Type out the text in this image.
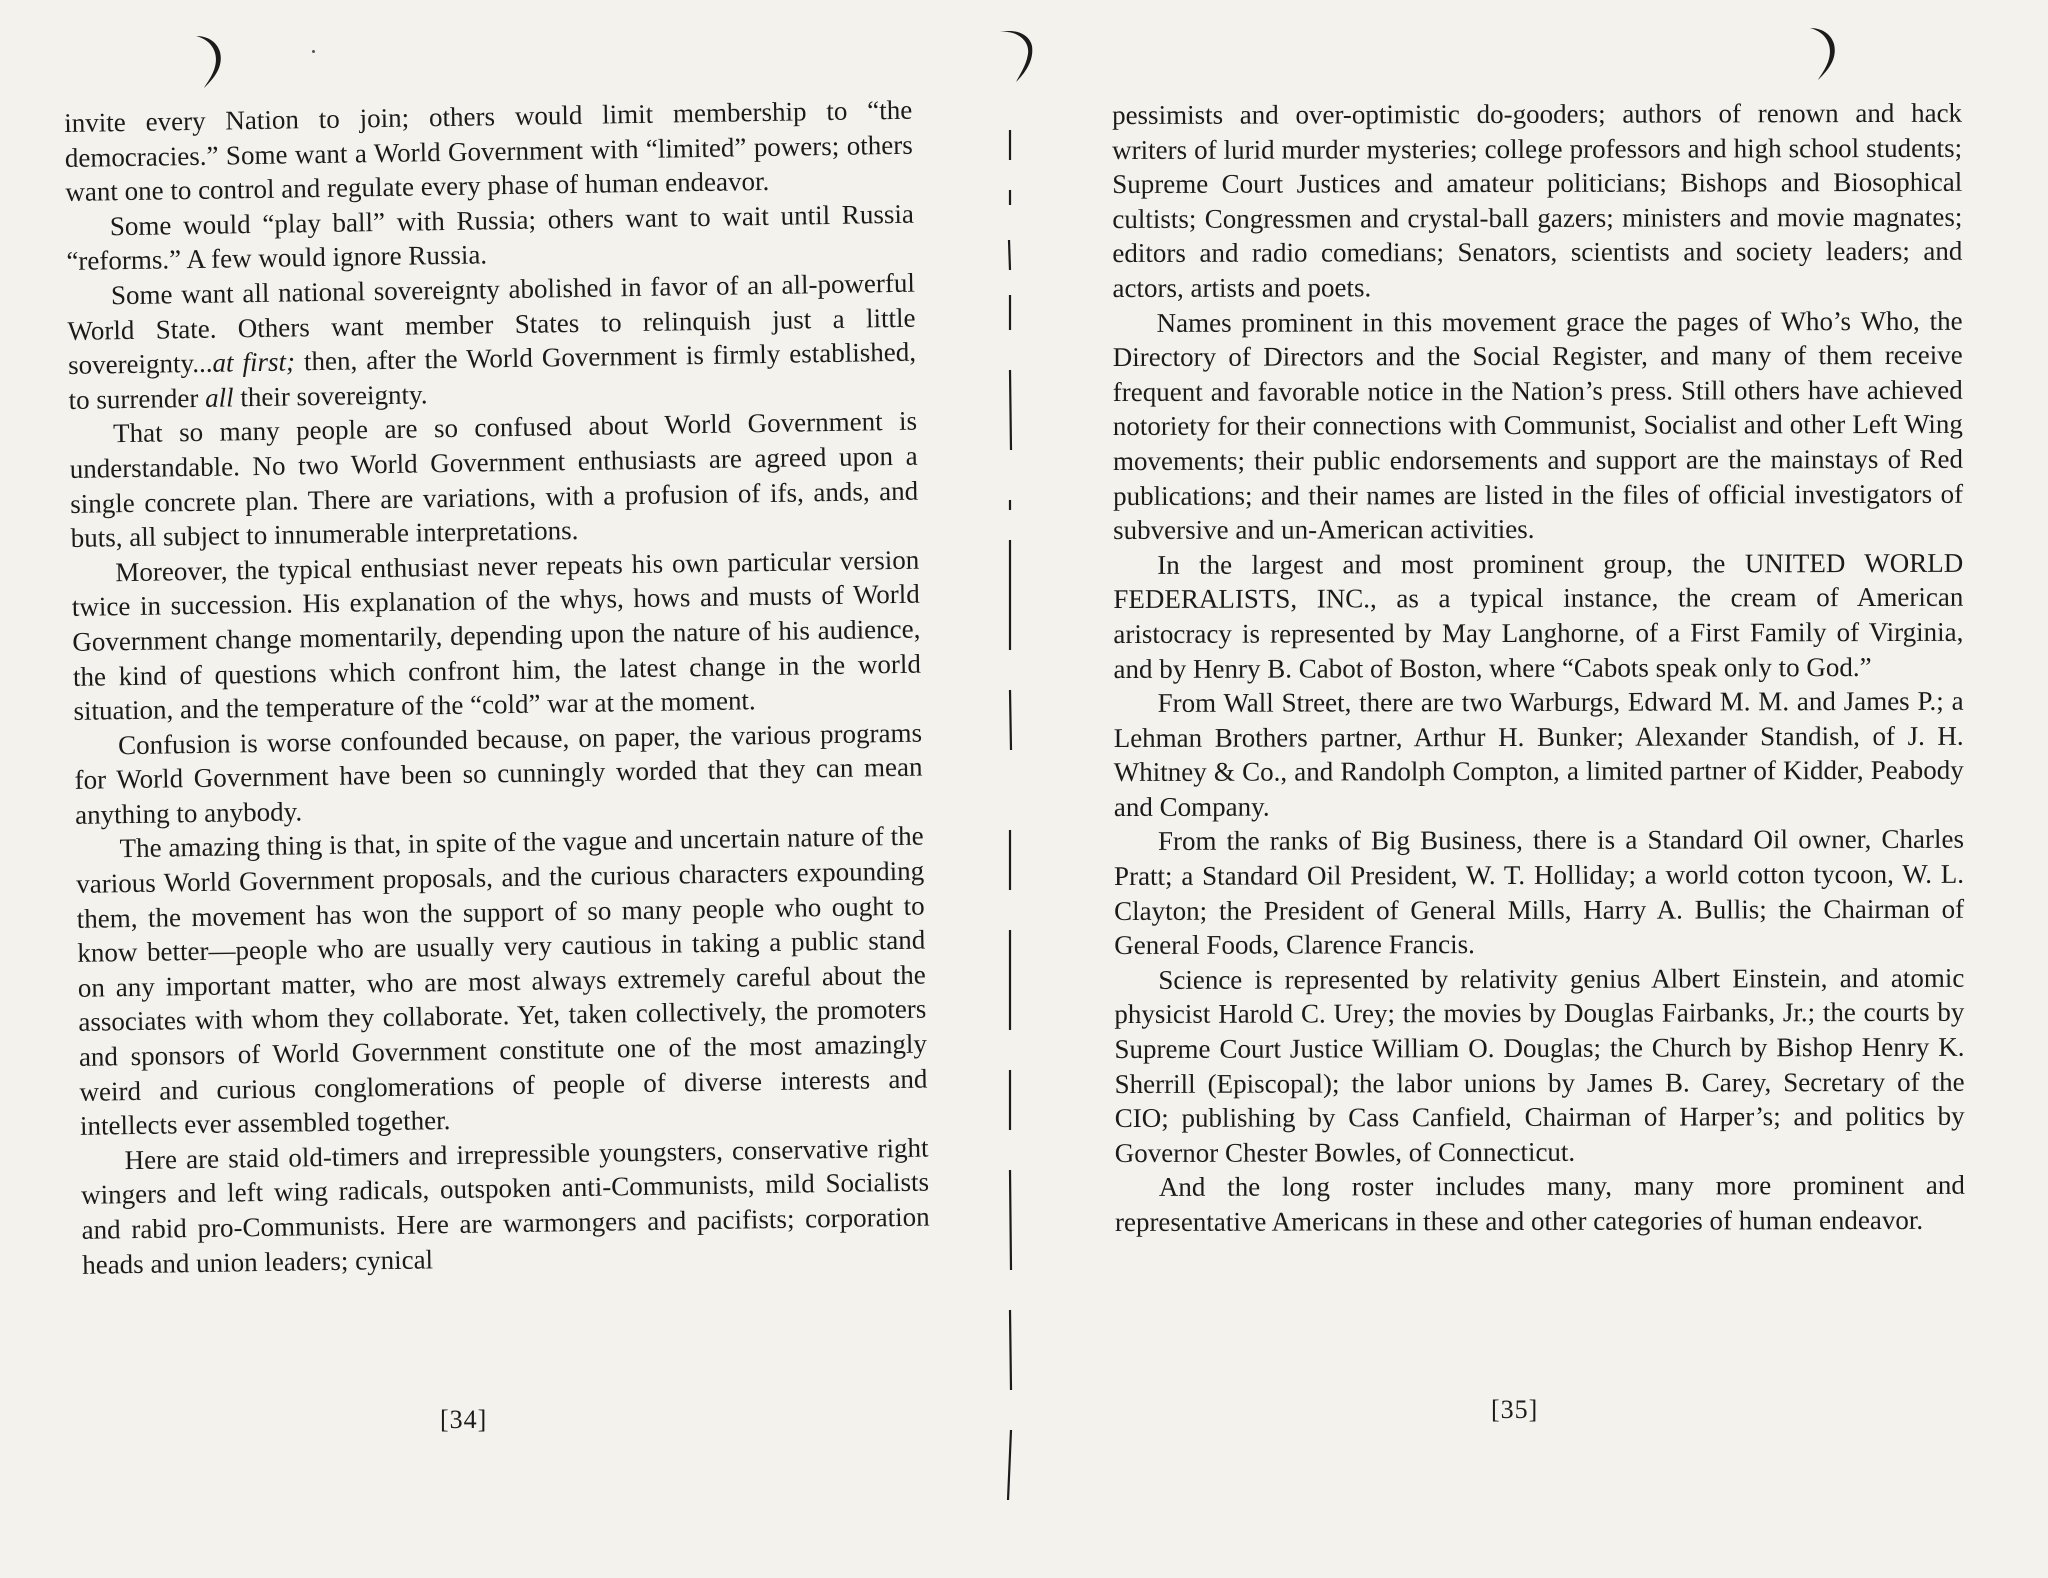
invite every Nation to join; others would limit membership to “the democracies.” Some want a World Government with “limited” powers; others want one to control and regulate every phase of human endeavor.

Some would “play ball” with Russia; others want to wait until Russia “reforms.” A few would ignore Russia.

Some want all national sovereignty abolished in favor of an all-powerful World State. Others want member States to relinquish just a little sovereignty...at first; then, after the World Government is firmly established, to surrender all their sovereignty.

That so many people are so confused about World Government is understandable. No two World Government enthusiasts are agreed upon a single concrete plan. There are variations, with a profusion of ifs, ands, and buts, all subject to innumerable interpretations.

Moreover, the typical enthusiast never repeats his own particular version twice in succession. His explanation of the whys, hows and musts of World Government change momentarily, depending upon the nature of his audience, the kind of questions which confront him, the latest change in the world situation, and the temperature of the “cold” war at the moment.

Confusion is worse confounded because, on paper, the various programs for World Government have been so cunningly worded that they can mean anything to anybody.

The amazing thing is that, in spite of the vague and uncertain nature of the various World Government proposals, and the curious characters expounding them, the movement has won the support of so many people who ought to know better—people who are usually very cautious in taking a public stand on any important matter, who are most always extremely careful about the associates with whom they collaborate. Yet, taken collectively, the promoters and sponsors of World Government constitute one of the most amazingly weird and curious conglomerations of people of diverse interests and intellects ever assembled together.

Here are staid old-timers and irrepressible youngsters, conservative right wingers and left wing radicals, outspoken anti-Communists, mild Socialists and rabid pro-Communists. Here are warmongers and pacifists; corporation heads and union leaders; cynical

[34]

pessimists and over-optimistic do-gooders; authors of renown and hack writers of lurid murder mysteries; college professors and high school students; Supreme Court Justices and amateur politicians; Bishops and Biosophical cultists; Congressmen and crystal-ball gazers; ministers and movie magnates; editors and radio comedians; Senators, scientists and society leaders; and actors, artists and poets.

Names prominent in this movement grace the pages of Who’s Who, the Directory of Directors and the Social Register, and many of them receive frequent and favorable notice in the Nation’s press. Still others have achieved notoriety for their connections with Communist, Socialist and other Left Wing movements; their public endorsements and support are the mainstays of Red publications; and their names are listed in the files of official investigators of subversive and un-American activities.

In the largest and most prominent group, the UNITED WORLD FEDERALISTS, INC., as a typical instance, the cream of American aristocracy is represented by May Langhorne, of a First Family of Virginia, and by Henry B. Cabot of Boston, where “Cabots speak only to God.”

From Wall Street, there are two Warburgs, Edward M. M. and James P.; a Lehman Brothers partner, Arthur H. Bunker; Alexander Standish, of J. H. Whitney & Co., and Randolph Compton, a limited partner of Kidder, Peabody and Company.

From the ranks of Big Business, there is a Standard Oil owner, Charles Pratt; a Standard Oil President, W. T. Holliday; a world cotton tycoon, W. L. Clayton; the President of General Mills, Harry A. Bullis; the Chairman of General Foods, Clarence Francis.

Science is represented by relativity genius Albert Einstein, and atomic physicist Harold C. Urey; the movies by Douglas Fairbanks, Jr.; the courts by Supreme Court Justice William O. Douglas; the Church by Bishop Henry K. Sherrill (Episcopal); the labor unions by James B. Carey, Secretary of the CIO; publishing by Cass Canfield, Chairman of Harper’s; and politics by Governor Chester Bowles, of Connecticut.

And the long roster includes many, many more prominent and representative Americans in these and other categories of human endeavor.

[35]
